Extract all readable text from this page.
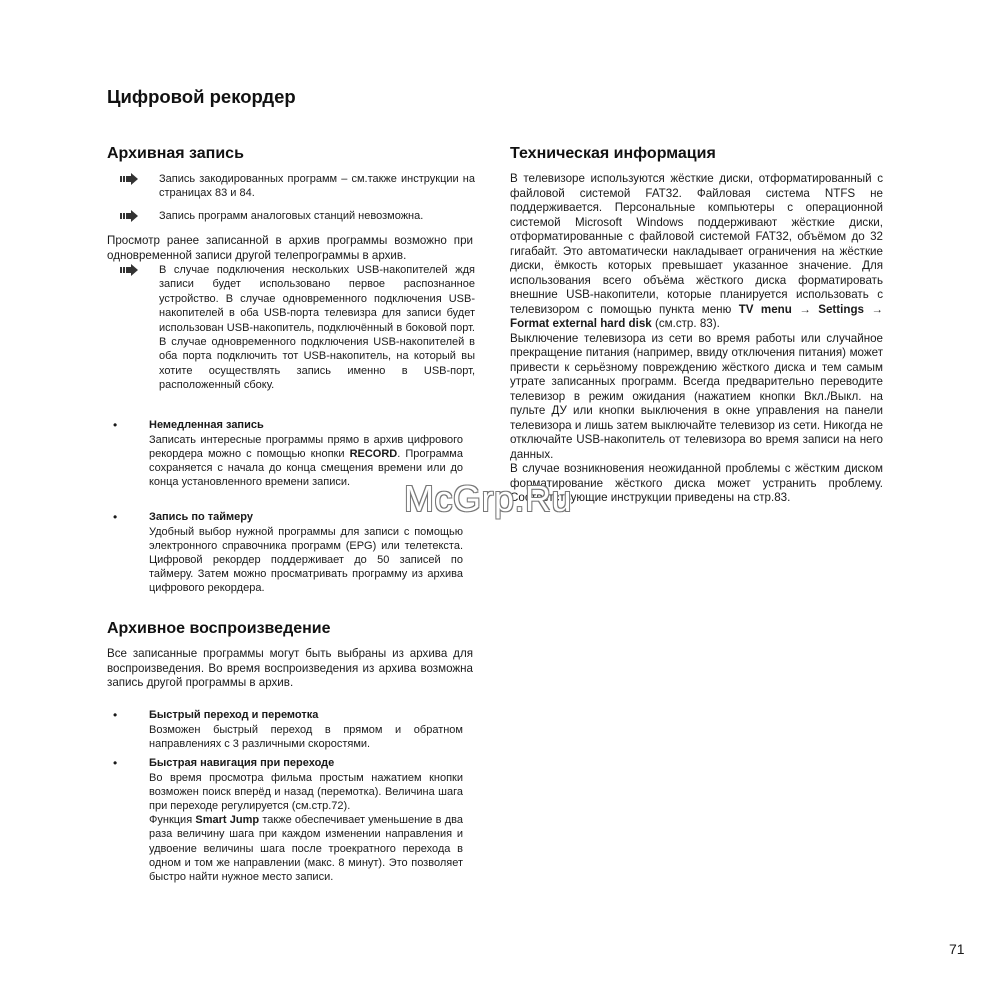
Цифровой рекордер
Архивная запись
Запись закодированных программ – см.также инструкции на страницах 83 и 84.
Запись программ аналоговых станций невозможна.
Просмотр ранее записанной в архив программы возможно при одновременной записи другой телепрограммы в архив.
В случае подключения нескольких USB-накопителей ждя записи будет использовано первое распознанное устройство. В случае одновременного подключения USB-накопителей в оба USB-порта телевизра для записи будет использован USB-накопитель, подключённый в боковой порт. В случае одновременного подключения USB-накопителей в оба порта подключить тот USB-накопитель, на который вы хотите осуществлять запись именно в USB-порт, расположенный сбоку.
•	Немедленная запись

Записать интересные программы прямо в архив цифрового рекордера можно с помощью кнопки RECORD. Программа сохраняется с начала до конца смещения времени или до конца установленного времени записи.

•	Запись по таймеру

Удобный выбор нужной программы для записи с помощью электронного справочника программ (EPG) или телетекста. Цифровой рекордер поддерживает до 50 записей по таймеру. Затем можно просматривать программу из архива цифрового рекордера.

Архивное воспроизведение
Все записанные программы могут быть выбраны из архива для воспроизведения. Во время воспроизведения из архива возможна запись другой программы в архив.
•	Быстрый переход и перемотка

Возможен быстрый переход в прямом и обратном направлениях с 3 различными скоростями.

•	Быстрая навигация при переходе

Во время просмотра фильма простым нажатием кнопки возможен поиск вперёд и назад (перемотка). Величина шага при переходе регулируется (см.стр.72).

Функция Smart Jump также обеспечивает уменьшение в два раза величину шага при каждом изменении направления и удвоение величины шага после троекратного перехода в одном и том же направлении (макс. 8 минут). Это позволяет быстро найти нужное место записи.

Техническая информация

В телевизоре используются жёсткие диски, отформатированный с файловой системой FAT32. Файловая система NTFS не поддерживается. Персональные компьютеры с операционной системой Microsoft Windows поддерживают жёсткие диски, отформатированные с файловой системой FAT32, объёмом до 32 гигабайт. Это автоматически накладывает ограничения на жёсткие диски, ёмкость которых превышает указанное значение. Для использования всего объёма жёсткого диска форматировать внешние USB-накопители, которые планируется использовать с телевизором с помощью пункта меню TV menu → Settings → Format external hard disk (см.стр. 83).

Выключение телевизора из сети во время работы или случайное прекращение питания (например, ввиду отключения питания) может привести к серьёзному повреждению жёсткого диска и тем самым утрате записанных программ. Всегда предварительно переводите телевизор в режим ожидания (нажатием кнопки Вкл./Выкл. на пульте ДУ или кнопки выключения в окне управления на панели телевизора и лишь затем выключайте телевизор из сети. Никогда не отключайте USB-накопитель от телевизора во время записи на него данных.

В случае возникновения неожиданной проблемы с жёстким диском форматирование жёсткого диска может устранить проблему. Соответствующие инструкции приведены на стр.83.

McGrp.Ru
71
